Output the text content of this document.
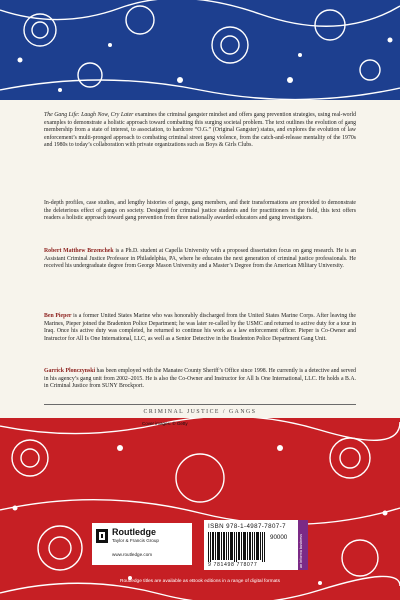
The Gang Life: Laugh Now, Cry Later examines the criminal gangster mindset and offers gang prevention strategies, using real-world examples to demonstrate a holistic approach toward combatting this surging societal problem. The text outlines the evolution of gang membership from a state of interest, to association, to hardcore “O.G.” (Original Gangster) status, and explores the evolution of law enforcement’s multi-pronged approach to combating criminal street gang violence, from the catch-and-release mentality of the 1970s and 1980s to today’s collaboration with private organizations such as Boys & Girls Clubs.

In-depth profiles, case studies, and lengthy histories of gangs, gang members, and their transformations are provided to demonstrate the deleterious effect of gangs on society. Designed for criminal justice students and for practitioners in the field, this text offers readers a holistic approach toward gang prevention from three nationally awarded educators and gang investigators.

Robert Matthew Brzenchek is a Ph.D. student at Capella University with a proposed dissertation focus on gang research. He is an Assistant Criminal Justice Professor in Philadelphia, PA, where he educates the next generation of criminal justice professionals. He received his undergraduate degree from George Mason University and a Master’s Degree from the American Military University.

Ben Pieper is a former United States Marine who was honorably discharged from the United States Marine Corps. After leaving the Marines, Pieper joined the Bradenton Police Department; he was later re-called by the USMC and returned to active duty for a tour in Iraq. Once his active duty was completed, he returned to continue his work as a law enforcement officer. Pieper is Co-Owner and Instructor for All Is One International, LLC, as well as a Senior Detective in the Bradenton Police Department Gang Unit.

Garrick Plonczynski has been employed with the Manatee County Sheriff’s Office since 1998. He currently is a detective and served in his agency’s gang unit from 2002–2015. He is also the Co-Owner and Instructor for All Is One International, LLC. He holds a B.A. in Criminal Justice from SUNY Brockport.

CRIMINAL JUSTICE / GANGS
Cover images: © Getty
Routledge
Taylor & Francis Group
www.routledge.com
ISBN 978-1-4987-7807-7
90000
9 781498 778077	an informa business
Routledge titles are available as eBook editions in a range of digital formats
